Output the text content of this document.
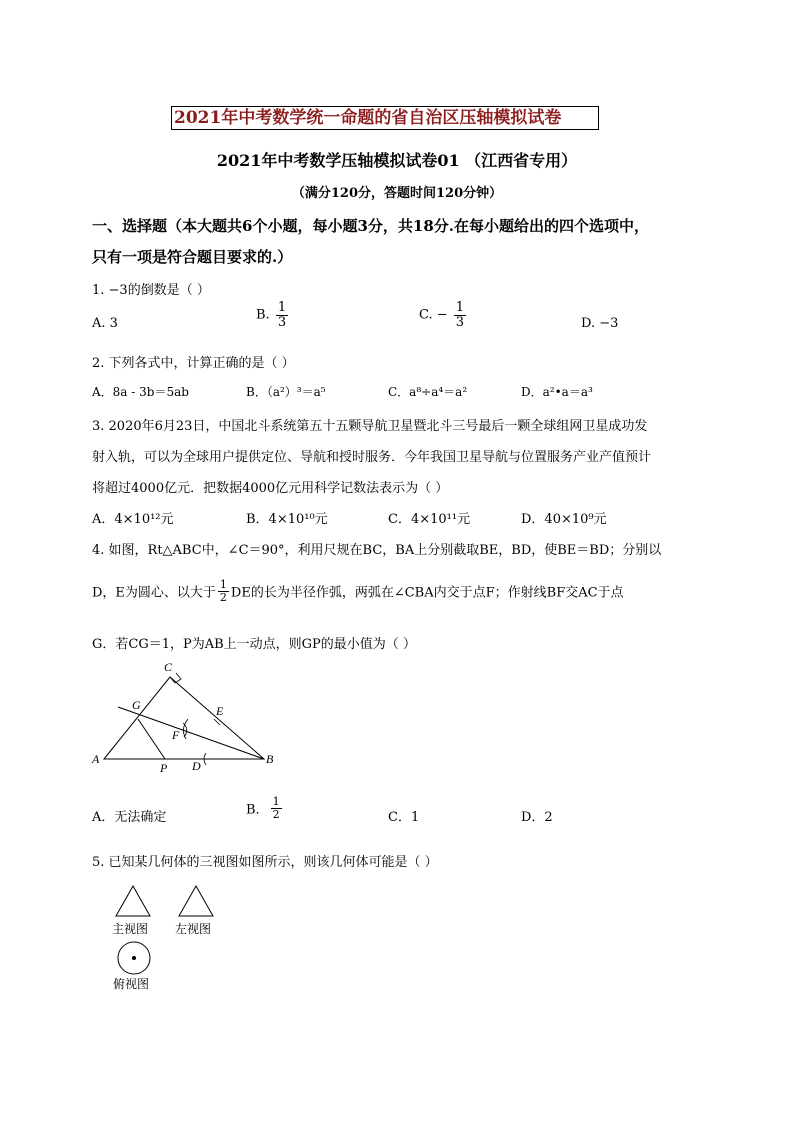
2021年中考数学统一命题的省自治区压轴模拟试卷
2021年中考数学压轴模拟试卷01 （江西省专用）
（满分120分，答题时间120分钟）
一、选择题（本大题共6个小题，每小题3分，共18分.在每小题给出的四个选项中，
只有一项是符合题目要求的.）
1. −3的倒数是（ ）
A. 3
B. $\frac{1}{3}$	C. − $\frac{1}{3}$	D. −3
2. 下列各式中，计算正确的是（ ）
A．8a - 3b＝5ab	B．（a²）³＝a⁵	C．a⁸÷a⁴＝a²	D．a²•a＝a³
3. 2020年6月23日，中国北斗系统第五十五颗导航卫星暨北斗三号最后一颗全球组网卫星成功发
射入轨，可以为全球用户提供定位、导航和授时服务．今年我国卫星导航与位置服务产业产值预计
将超过4000亿元．把数据4000亿元用科学记数法表示为（ ）
A．4×10¹²元	B．4×10¹⁰元	C．4×10¹¹元	D．40×10⁹元
4. 如图，Rt△ABC中，∠C＝90°，利用尺规在BC，BA上分别截取BE，BD，使BE＝BD；分别以
D，E为圆心、以大于 $\frac{1}{2}$ DE的长为半径作弧，两弧在∠CBA内交于点F；作射线BF交AC于点
G．若CG＝1，P为AB上一动点，则GP的最小值为（ ）
A	B
C
D
E
F
G
P
A．无法确定	B． $\frac{1}{2}$	C．1	D．2
5. 已知某几何体的三视图如图所示，则该几何体可能是（ ）
主视图 左视图
俯视图
